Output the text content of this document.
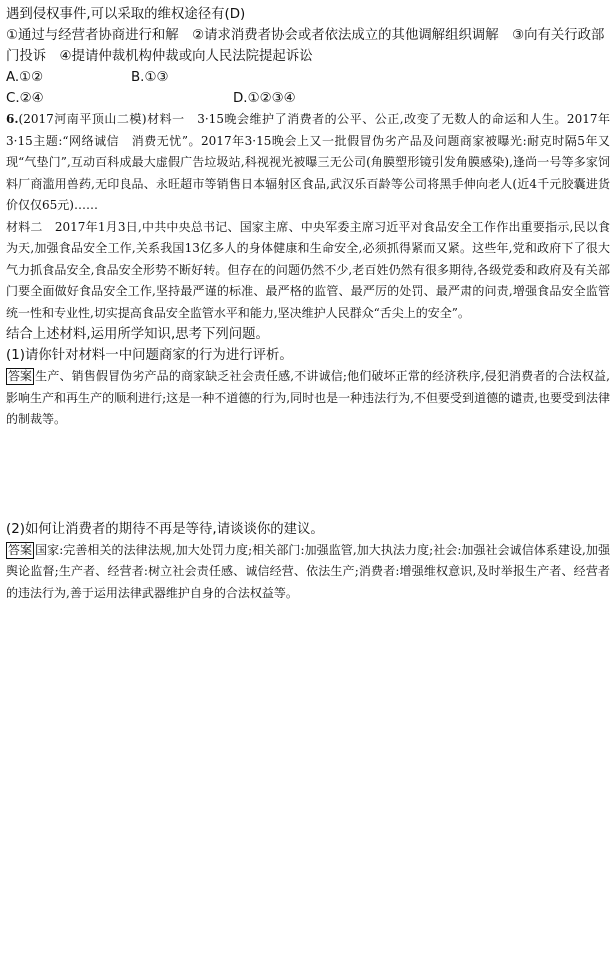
遇到侵权事件,可以采取的维权途径有(D)
①通过与经营者协商进行和解　②请求消费者协会或者依法成立的其他调解组织调解　③向有关行政部门投诉　④提请仲裁机构仲裁或向人民法院提起诉讼
A.①②	B.①③
C.②④	D.①②③④
6.(2017河南平顶山二模)材料一　3·15晚会维护了消费者的公平、公正,改变了无数人的命运和人生。2017年3·15主题:“网络诚信　消费无忧”。2017年3·15晚会上又一批假冒伪劣产品及问题商家被曝光:耐克时隔5年又现“气垫门”,互动百科成最大虚假广告垃圾站,科视视光被曝三无公司(角膜塑形镜引发角膜感染),逢尚一号等多家饲料厂商滥用兽药,无印良品、永旺超市等销售日本辐射区食品,武汉乐百龄等公司将黑手伸向老人(近4千元胶囊进货价仅仅65元)……
材料二　2017年1月3日,中共中央总书记、国家主席、中央军委主席习近平对食品安全工作作出重要指示,民以食为天,加强食品安全工作,关系我国13亿多人的身体健康和生命安全,必须抓得紧而又紧。这些年,党和政府下了很大气力抓食品安全,食品安全形势不断好转。但存在的问题仍然不少,老百姓仍然有很多期待,各级党委和政府及有关部门要全面做好食品安全工作,坚持最严谨的标准、最严格的监管、最严厉的处罚、最严肃的问责,增强食品安全监管统一性和专业性,切实提高食品安全监管水平和能力,坚决维护人民群众“舌尖上的安全”。
结合上述材料,运用所学知识,思考下列问题。
(1)请你针对材料一中问题商家的行为进行评析。
答案 生产、销售假冒伪劣产品的商家缺乏社会责任感,不讲诚信;他们破坏正常的经济秩序,侵犯消费者的合法权益,影响生产和再生产的顺利进行;这是一种不道德的行为,同时也是一种违法行为,不但要受到道德的谴责,也要受到法律的制裁等。
(2)如何让消费者的期待不再是等待,请谈谈你的建议。
答案 国家:完善相关的法律法规,加大处罚力度;相关部门:加强监管,加大执法力度;社会:加强社会诚信体系建设,加强舆论监督;生产者、经营者:树立社会责任感、诚信经营、依法生产;消费者:增强维权意识,及时举报生产者、经营者的违法行为,善于运用法律武器维护自身的合法权益等。
